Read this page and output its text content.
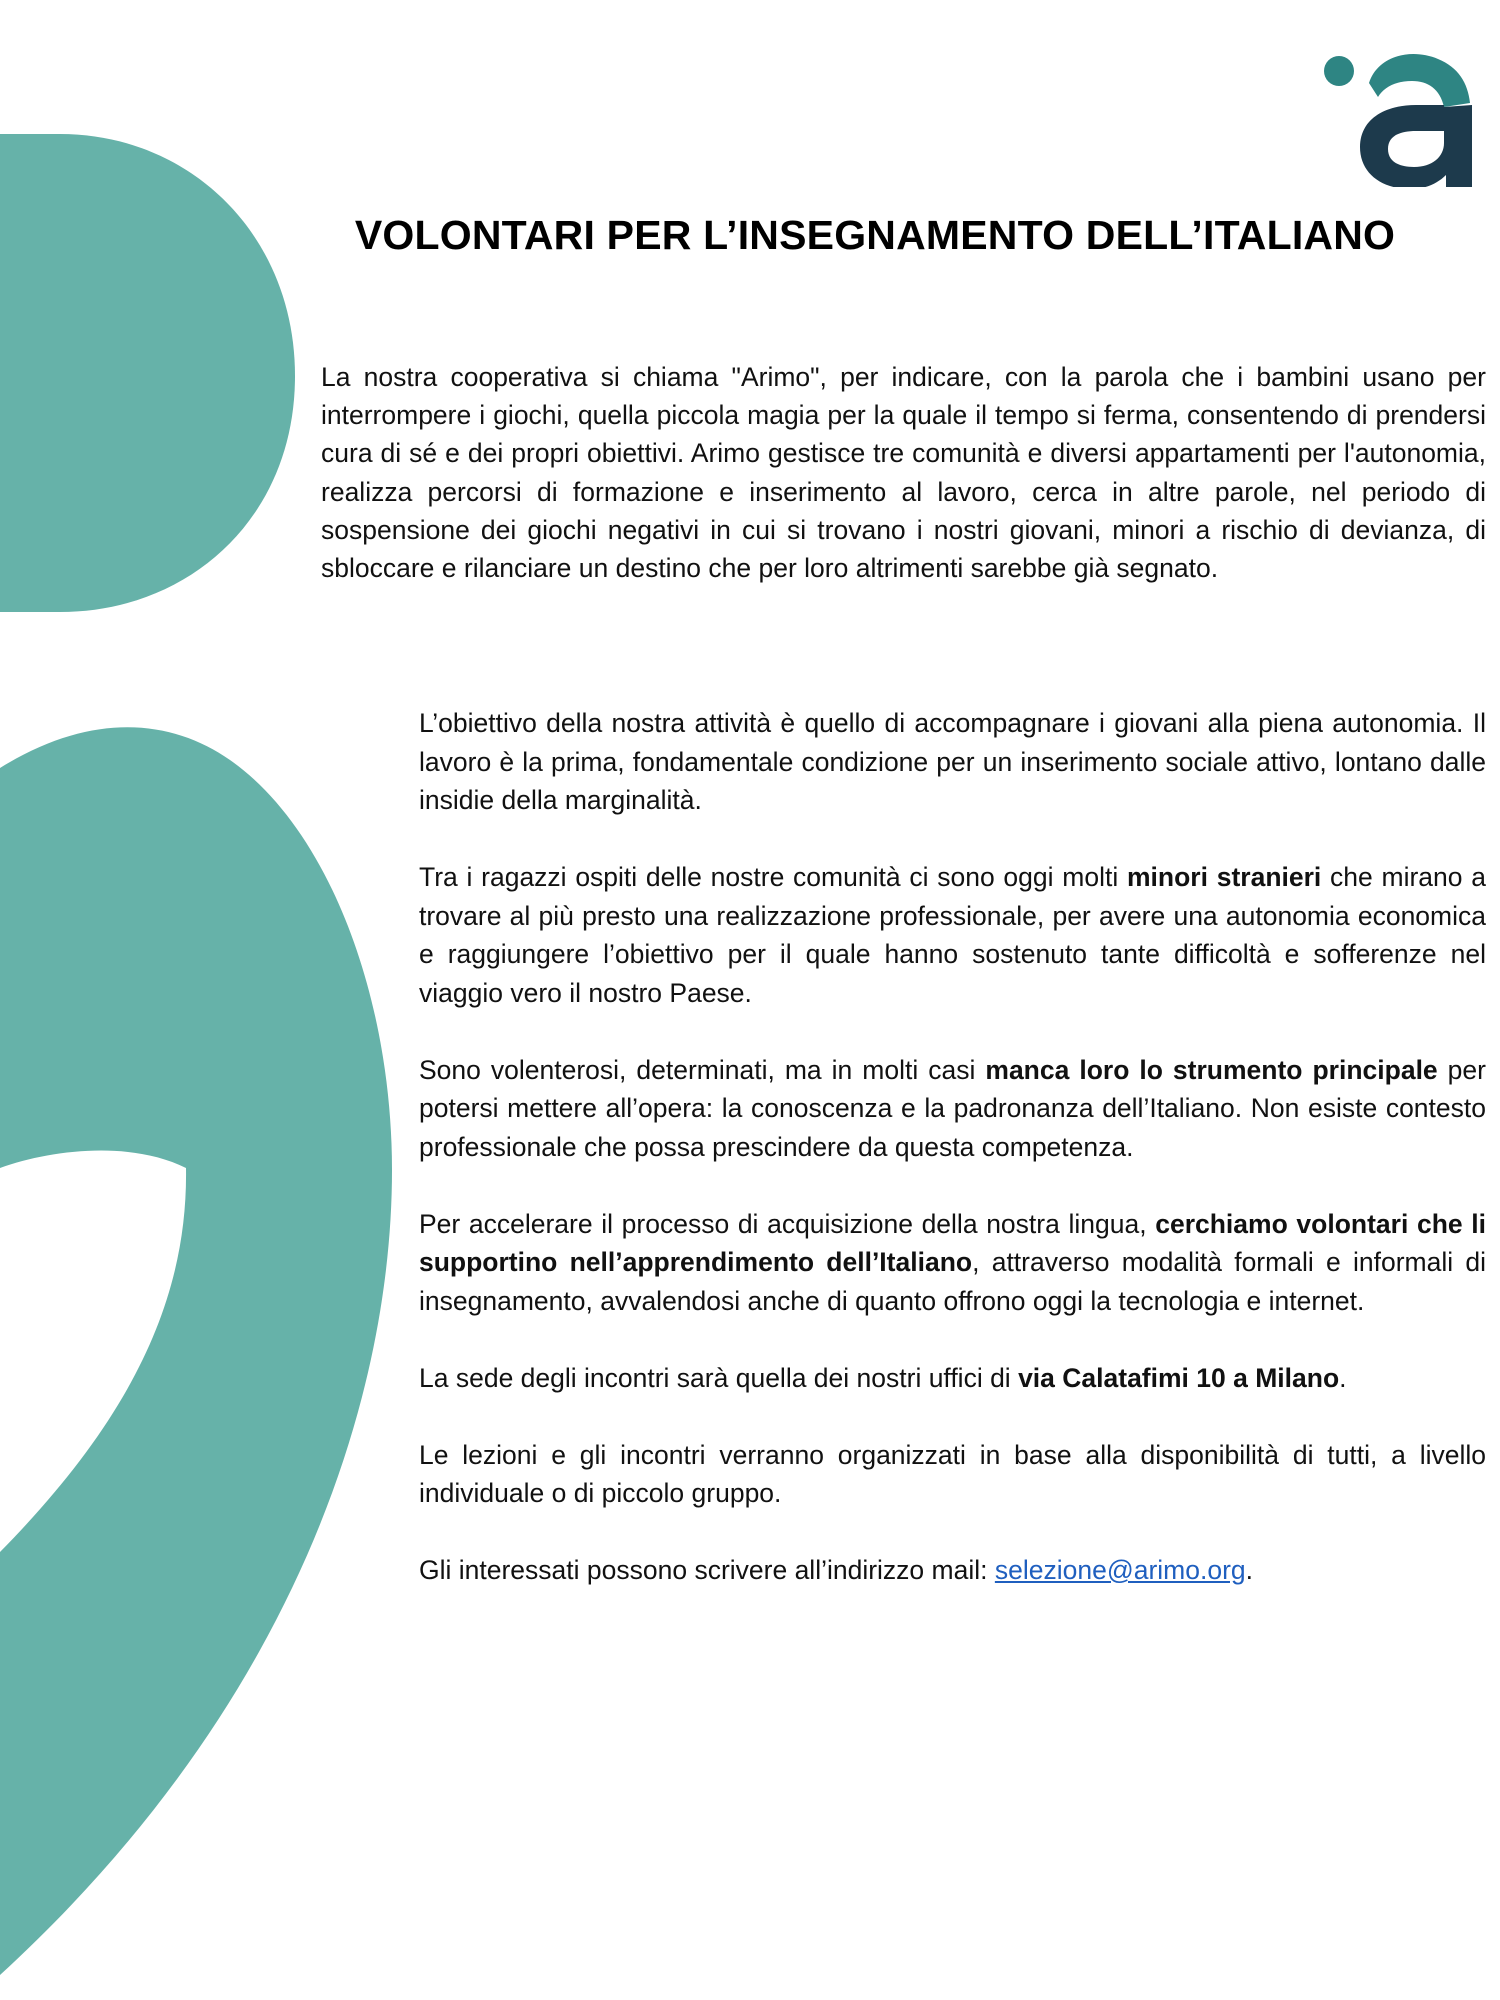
VOLONTARI PER L’INSEGNAMENTO DELL’ITALIANO

La nostra cooperativa si chiama "Arimo", per indicare, con la parola che i bambini usano per interrompere i giochi, quella piccola magia per la quale il tempo si ferma, consentendo di prendersi cura di sé e dei propri obiettivi. Arimo gestisce tre comunità e diversi appartamenti per l'autonomia, realizza percorsi di formazione e inserimento al lavoro, cerca in altre parole, nel periodo di sospensione dei giochi negativi in cui si trovano i nostri giovani, minori a rischio di devianza, di sbloccare e rilanciare un destino che per loro altrimenti sarebbe già segnato.

L’obiettivo della nostra attività è quello di accompagnare i giovani alla piena autonomia. Il lavoro è la prima, fondamentale condizione per un inserimento sociale attivo, lontano dalle insidie della marginalità.

Tra i ragazzi ospiti delle nostre comunità ci sono oggi molti minori stranieri che mirano a trovare al più presto una realizzazione professionale, per avere una autonomia economica e raggiungere l’obiettivo per il quale hanno sostenuto tante difficoltà e sofferenze nel viaggio vero il nostro Paese.

Sono volenterosi, determinati, ma in molti casi manca loro lo strumento principale per potersi mettere all’opera: la conoscenza e la padronanza dell’Italiano. Non esiste contesto professionale che possa prescindere da questa competenza.

Per accelerare il processo di acquisizione della nostra lingua, cerchiamo volontari che li supportino nell’apprendimento dell’Italiano, attraverso modalità formali e informali di insegnamento, avvalendosi anche di quanto offrono oggi la tecnologia e internet.

La sede degli incontri sarà quella dei nostri uffici di via Calatafimi 10 a Milano.

Le lezioni e gli incontri verranno organizzati in base alla disponibilità di tutti, a livello individuale o di piccolo gruppo.

Gli interessati possono scrivere all’indirizzo mail: selezione@arimo.org.
